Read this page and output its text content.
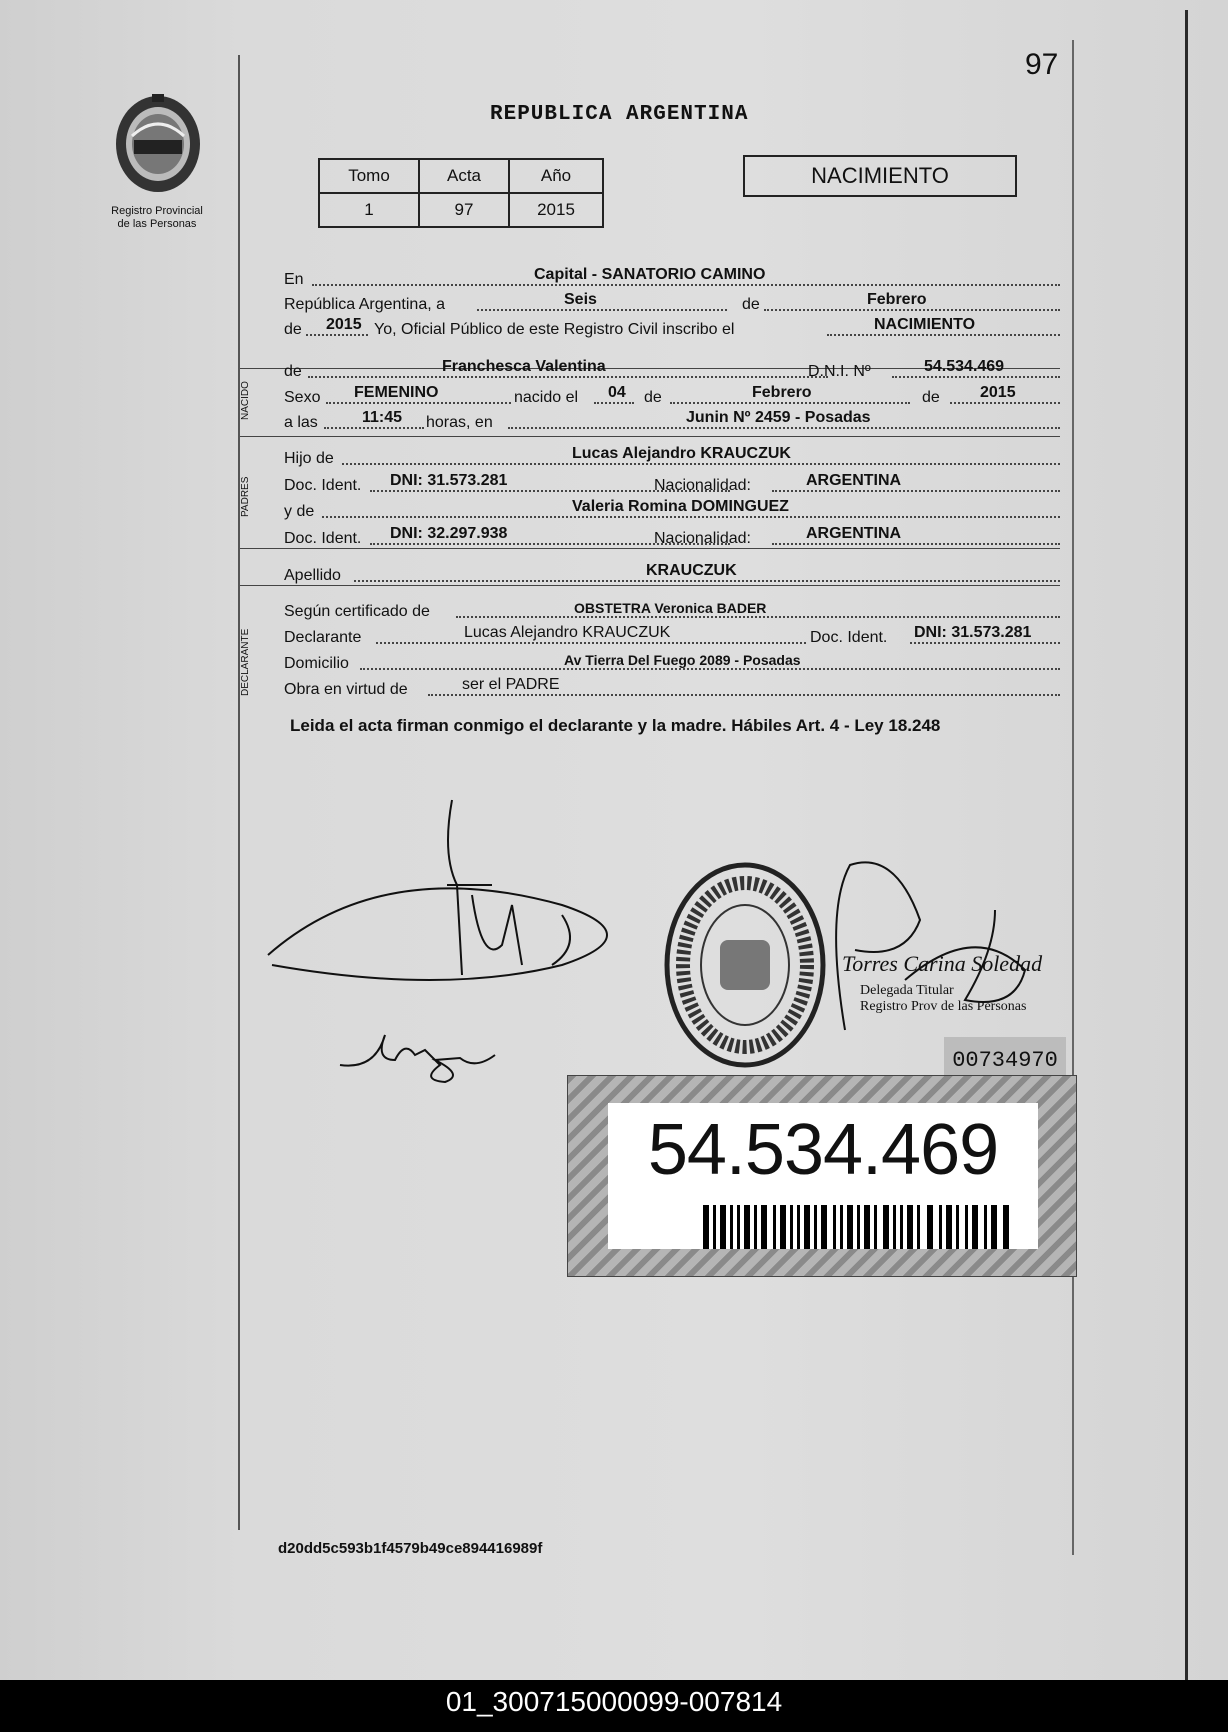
97
Registro Provincial
de las Personas
REPUBLICA ARGENTINA
Tomo	Acta	Año
1	97	2015
NACIMIENTO
NACIDO
PADRES
DECLARANTE
En	Capital - SANATORIO CAMINO
República Argentina, a	Seis	de	Febrero
de 2015 Yo, Oficial Público de este Registro Civil inscribo el	NACIMIENTO
de	Franchesca Valentina	D.N.I. Nº	54.534.469
Sexo FEMENINO	nacido el 04 de	Febrero	de	2015
a las	11:45 horas, en	Junin Nº 2459 - Posadas
Hijo de	Lucas Alejandro KRAUCZUK
Doc. Ident. DNI: 31.573.281	Nacionalidad:	ARGENTINA
y de	Valeria Romina DOMINGUEZ
Doc. Ident. DNI: 32.297.938	Nacionalidad:	ARGENTINA
Apellido	KRAUCZUK
Según certificado de	OBSTETRA Veronica BADER
Declarante	Lucas Alejandro KRAUCZUK	Doc. Ident. DNI: 31.573.281
Domicilio	Av Tierra Del Fuego 2089 - Posadas
Obra en virtud de	ser el PADRE
Leida el acta firman conmigo el declarante y la madre. Hábiles Art. 4 - Ley 18.248
Torres Carina Soledad
Delegada Titular
Registro Prov de las Personas
00734970
54.534.469
d20dd5c593b1f4579b49ce894416989f
01_300715000099-007814
